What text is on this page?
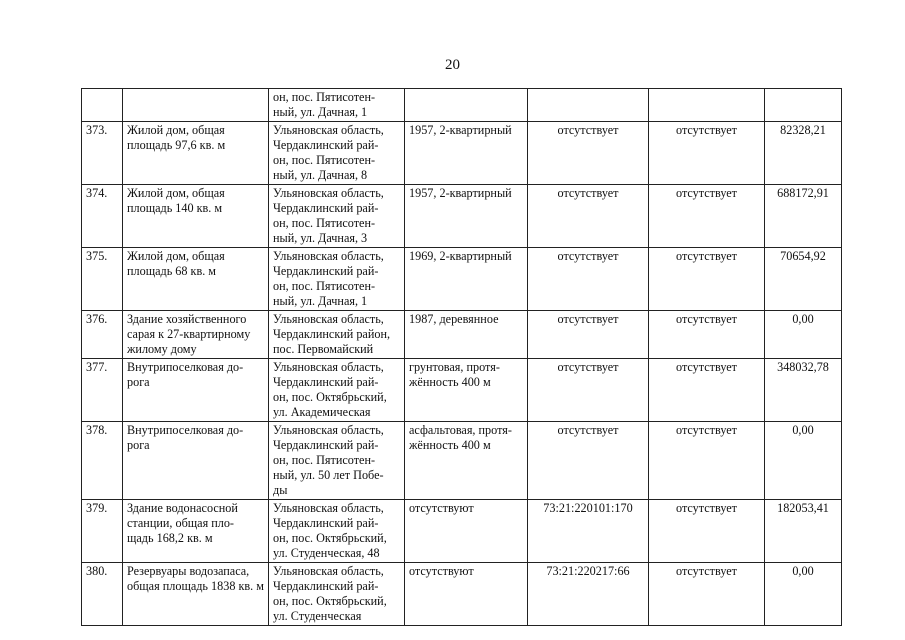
20

		он, пос. Пятисотен-
ный, ул. Дачная, 1				

373.	Жилой дом, общая
площадь 97,6 кв. м	Ульяновская область,
Чердаклинский рай-
он, пос. Пятисотен-
ный, ул. Дачная, 8	1957, 2-квартирный	отсутствует	отсутствует	82328,21

374.	Жилой дом, общая
площадь 140 кв. м	Ульяновская область,
Чердаклинский рай-
он, пос. Пятисотен-
ный, ул. Дачная, 3	1957, 2-квартирный	отсутствует	отсутствует	688172,91

375.	Жилой дом, общая
площадь 68 кв. м	Ульяновская область,
Чердаклинский рай-
он, пос. Пятисотен-
ный, ул. Дачная, 1	1969, 2-квартирный	отсутствует	отсутствует	70654,92

376.	Здание хозяйственного
сарая к 27-квартирному
жилому дому	Ульяновская область,
Чердаклинский район,
пос. Первомайский	1987, деревянное	отсутствует	отсутствует	0,00

377.	Внутрипоселковая до-
рога	Ульяновская область,
Чердаклинский рай-
он, пос. Октябрьский,
ул. Академическая	грунтовая, протя-
жённость 400 м	отсутствует	отсутствует	348032,78

378.	Внутрипоселковая до-
рога	Ульяновская область,
Чердаклинский рай-
он, пос. Пятисотен-
ный, ул. 50 лет Побе-
ды	асфальтовая, протя-
жённость 400 м	отсутствует	отсутствует	0,00

379.	Здание водонасосной
станции, общая пло-
щадь 168,2 кв. м	Ульяновская область,
Чердаклинский рай-
он, пос. Октябрьский,
ул. Студенческая, 48	отсутствуют	73:21:220101:170	отсутствует	182053,41

380.	Резервуары водозапаса,
общая площадь 1838 кв. м	Ульяновская область,
Чердаклинский рай-
он, пос. Октябрьский,
ул. Студенческая	отсутствуют	73:21:220217:66	отсутствует	0,00
